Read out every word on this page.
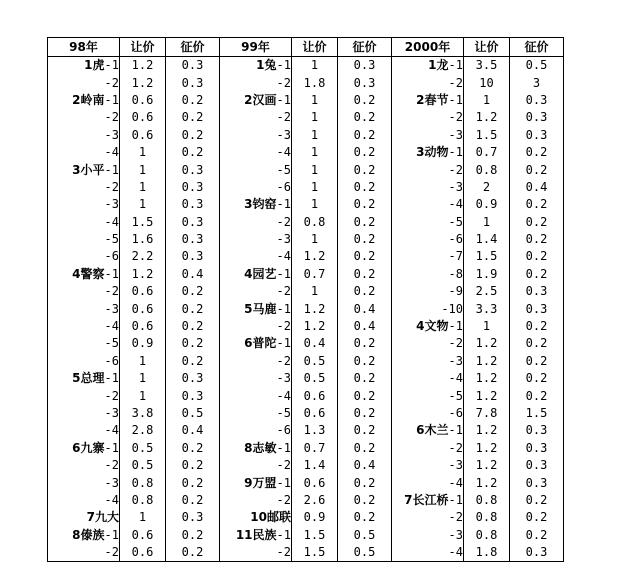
98年	让价	征价	99年	让价	征价	2000年	让价	征价
1虎-1	1.2	0.3	1兔-1	1	0.3	1龙-1	3.5	0.5
-2	1.2	0.3	-2	1.8	0.3	-2	10	3
2岭南-1	0.6	0.2	2汉画-1	1	0.2	2春节-1	1	0.3
-2	0.6	0.2	-2	1	0.2	-2	1.2	0.3
-3	0.6	0.2	-3	1	0.2	-3	1.5	0.3
-4	1	0.2	-4	1	0.2	3动物-1	0.7	0.2
3小平-1	1	0.3	-5	1	0.2	-2	0.8	0.2
-2	1	0.3	-6	1	0.2	-3	2	0.4
-3	1	0.3	3钧窑-1	1	0.2	-4	0.9	0.2
-4	1.5	0.3	-2	0.8	0.2	-5	1	0.2
-5	1.6	0.3	-3	1	0.2	-6	1.4	0.2
-6	2.2	0.3	-4	1.2	0.2	-7	1.5	0.2
4警察-1	1.2	0.4	4园艺-1	0.7	0.2	-8	1.9	0.2
-2	0.6	0.2	-2	1	0.2	-9	2.5	0.3
-3	0.6	0.2	5马鹿-1	1.2	0.4	-10	3.3	0.3
-4	0.6	0.2	-2	1.2	0.4	4文物-1	1	0.2
-5	0.9	0.2	6普陀-1	0.4	0.2	-2	1.2	0.2
-6	1	0.2	-2	0.5	0.2	-3	1.2	0.2
5总理-1	1	0.3	-3	0.5	0.2	-4	1.2	0.2
-2	1	0.3	-4	0.6	0.2	-5	1.2	0.2
-3	3.8	0.5	-5	0.6	0.2	-6	7.8	1.5
-4	2.8	0.4	-6	1.3	0.2	6木兰-1	1.2	0.3
6九寨-1	0.5	0.2	8志敏-1	0.7	0.2	-2	1.2	0.3
-2	0.5	0.2	-2	1.4	0.4	-3	1.2	0.3
-3	0.8	0.2	9万盟-1	0.6	0.2	-4	1.2	0.3
-4	0.8	0.2	-2	2.6	0.2	7长江桥-1	0.8	0.2
7九大	1	0.3	10邮联	0.9	0.2	-2	0.8	0.2
8傣族-1	0.6	0.2	11民族-1	1.5	0.5	-3	0.8	0.2
-2	0.6	0.2	-2	1.5	0.5	-4	1.8	0.3
